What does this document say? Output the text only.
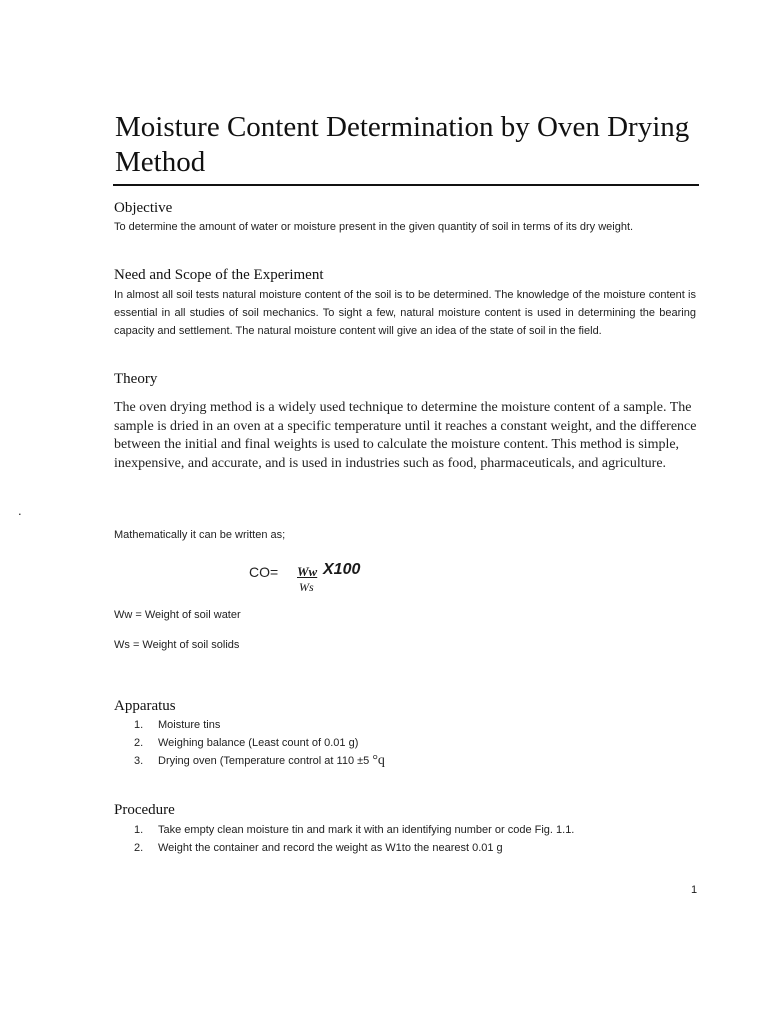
Moisture Content Determination by Oven Drying Method
Objective

To determine the amount of water or moisture present in the given quantity of soil in terms of its dry weight.

Need and Scope of the Experiment

In almost all soil tests natural moisture content of the soil is to be determined. The knowledge of the moisture content is essential in all studies of soil mechanics. To sight a few, natural moisture content is used in determining the bearing capacity and settlement. The natural moisture content will give an idea of the state of soil in the field.

Theory

The oven drying method is a widely used technique to determine the moisture content of a sample. The sample is dried in an oven at a specific temperature until it reaches a constant weight, and the difference between the initial and final weights is used to calculate the moisture content. This method is simple, inexpensive, and accurate, and is used in industries such as food, pharmaceuticals, and agriculture.

.

Mathematically it can be written as;

CO= Ww X100
Ws

Ww = Weight of soil water

Ws = Weight of soil solids

Apparatus
1. Moisture tins
2. Weighing balance (Least count of 0.01 g)
3. Drying oven (Temperature control at 110 ±5 °q
Procedure
1. Take empty clean moisture tin and mark it with an identifying number or code Fig. 1.1.
2. Weight the container and record the weight as W1to the nearest 0.01 g
1
